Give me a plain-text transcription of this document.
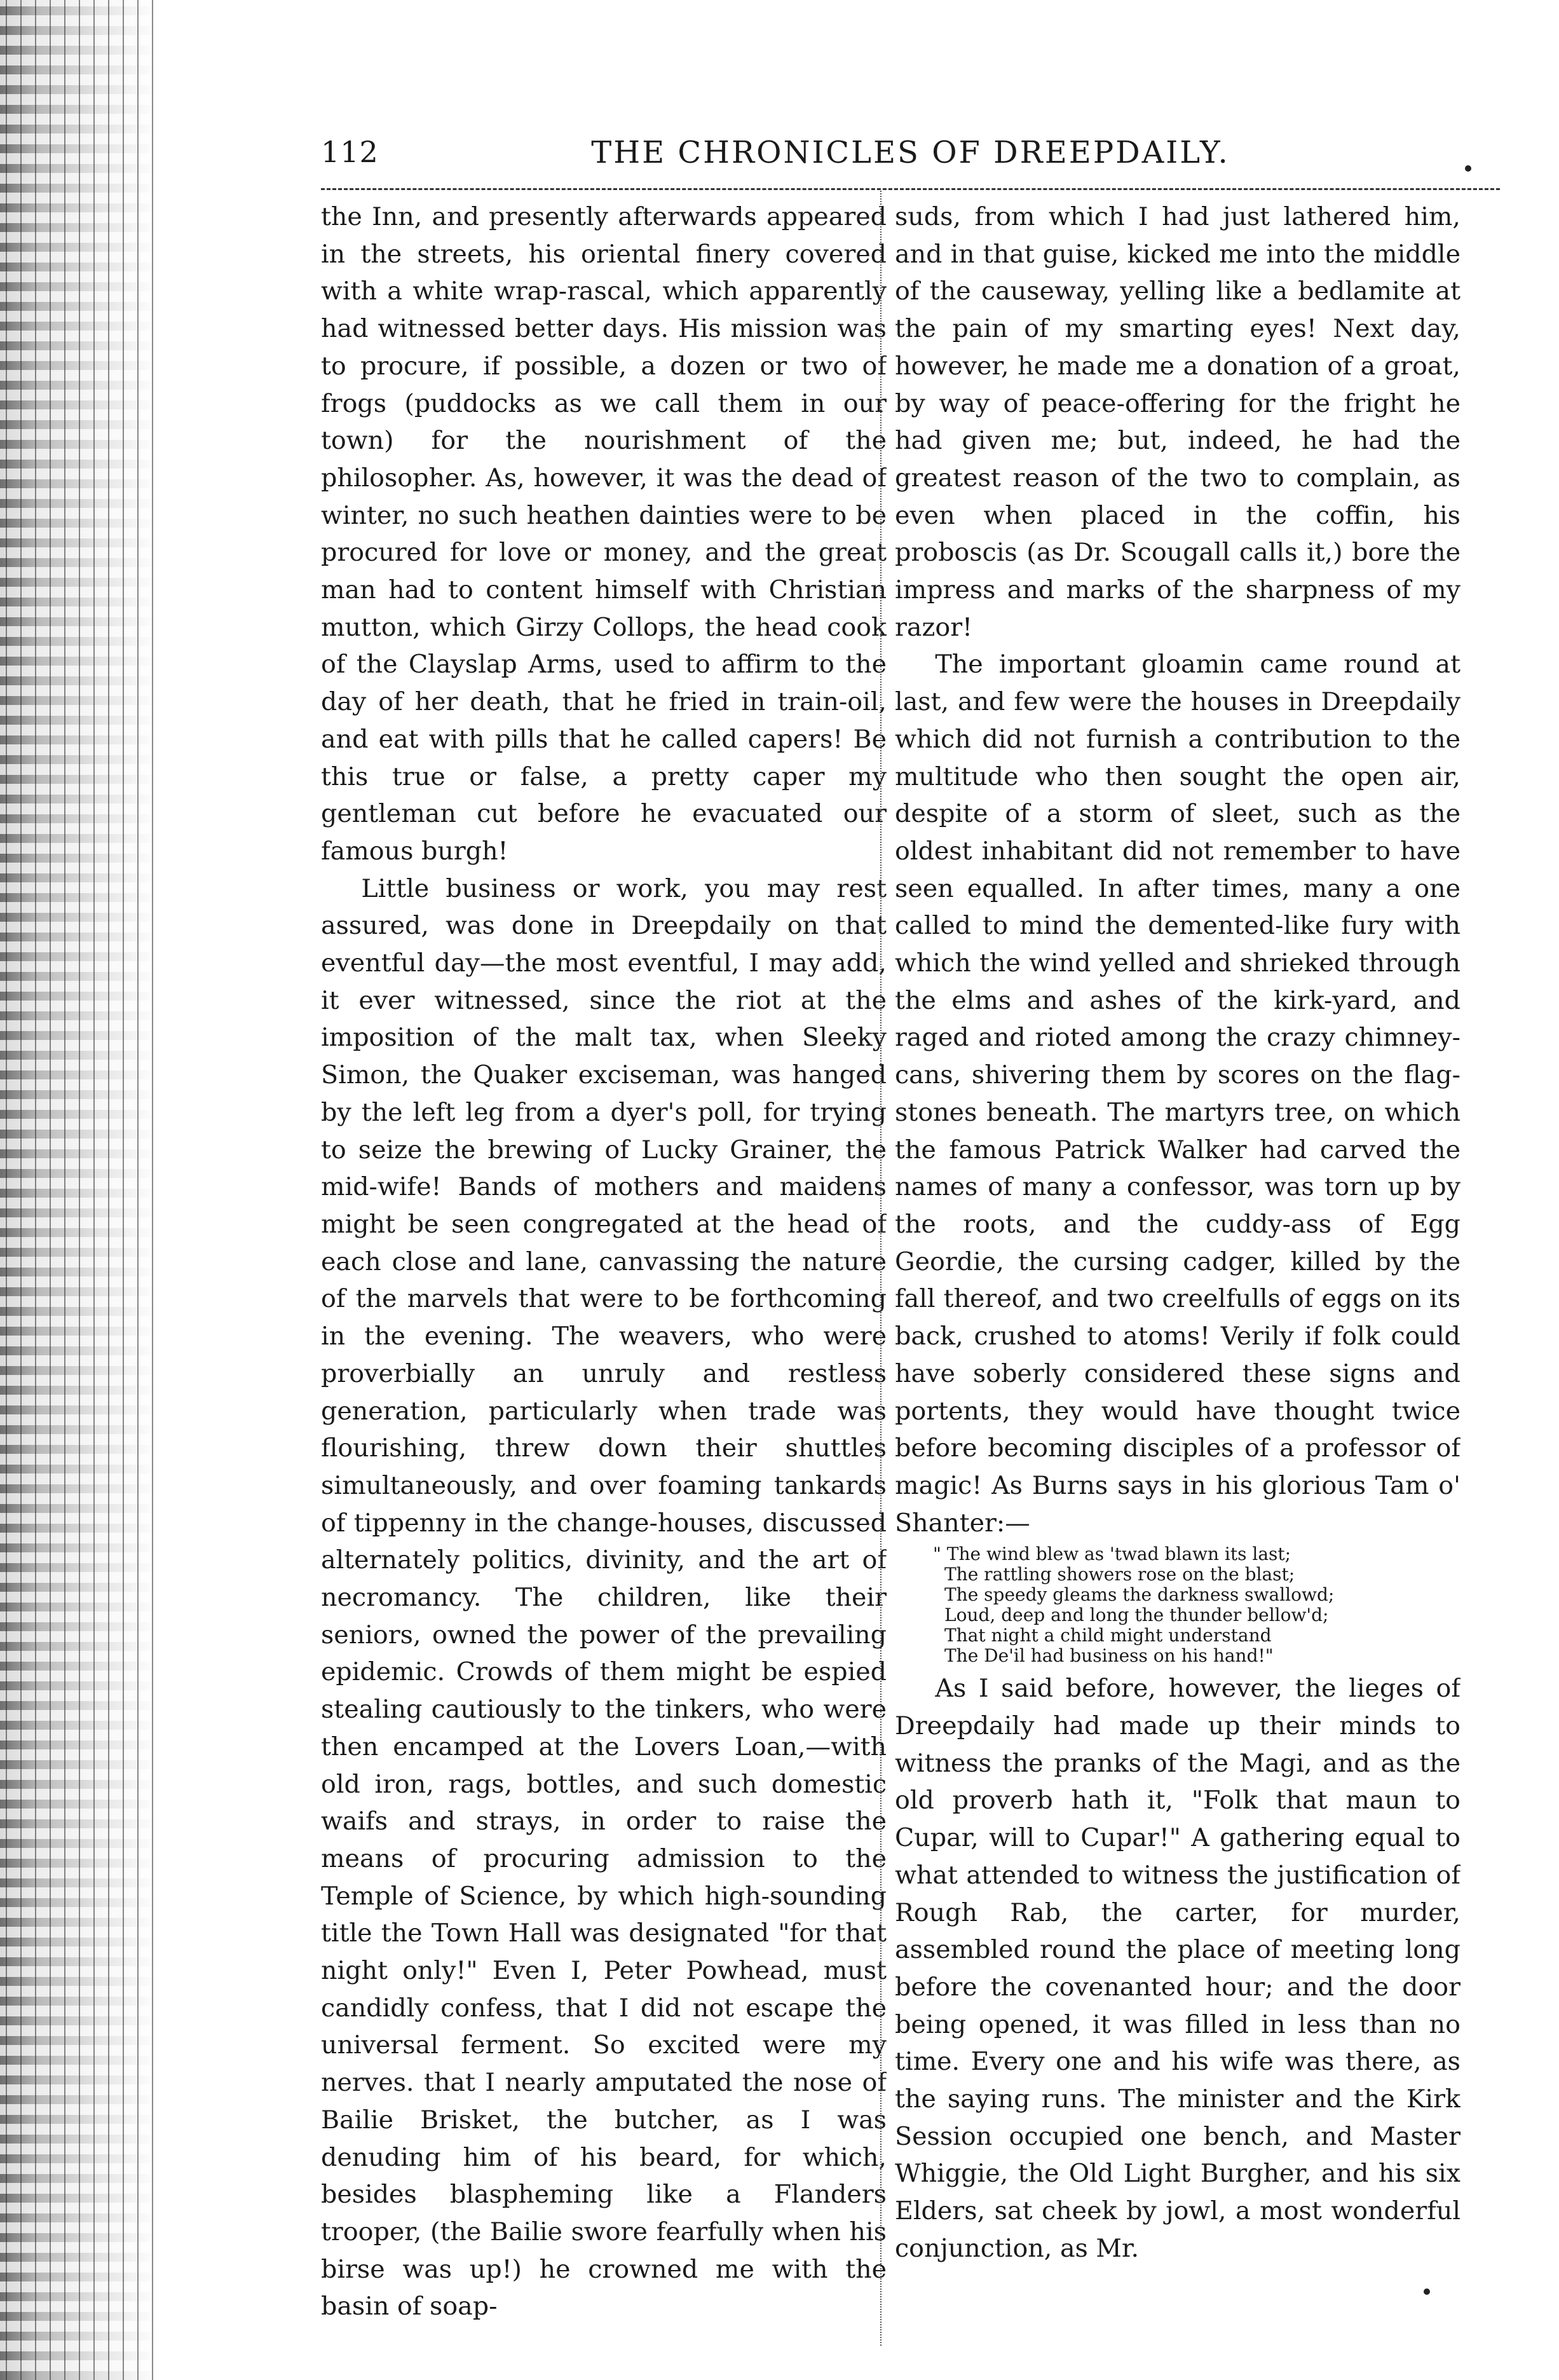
112	THE CHRONICLES OF DREEPDAILY.

the Inn, and presently afterwards appeared in the streets, his oriental finery covered with a white wrap-rascal, which apparently had witnessed better days. His mission was to procure, if possible, a dozen or two of frogs (puddocks as we call them in our town) for the nourishment of the philosopher. As, however, it was the dead of winter, no such heathen dainties were to be procured for love or money, and the great man had to content himself with Christian mutton, which Girzy Collops, the head cook of the Clayslap Arms, used to affirm to the day of her death, that he fried in train-oil, and eat with pills that he called capers! Be this true or false, a pretty caper my gentleman cut before he evacuated our famous burgh!

Little business or work, you may rest assured, was done in Dreepdaily on that eventful day—the most eventful, I may add, it ever witnessed, since the riot at the imposition of the malt tax, when Sleeky Simon, the Quaker exciseman, was hanged by the left leg from a dyer's poll, for trying to seize the brewing of Lucky Grainer, the mid-wife! Bands of mothers and maidens might be seen congregated at the head of each close and lane, canvassing the nature of the marvels that were to be forthcoming in the evening. The weavers, who were proverbially an unruly and restless generation, particularly when trade was flourishing, threw down their shuttles simultaneously, and over foaming tankards of tippenny in the change-houses, discussed alternately politics, divinity, and the art of necromancy. The children, like their seniors, owned the power of the prevailing epidemic. Crowds of them might be espied stealing cautiously to the tinkers, who were then encamped at the Lovers Loan,—with old iron, rags, bottles, and such domestic waifs and strays, in order to raise the means of procuring admission to the Temple of Science, by which high-sounding title the Town Hall was designated "for that night only!" Even I, Peter Powhead, must candidly confess, that I did not escape the universal ferment. So excited were my nerves. that I nearly amputated the nose of Bailie Brisket, the butcher, as I was denuding him of his beard, for which, besides blaspheming like a Flanders trooper, (the Bailie swore fearfully when his birse was up!) he crowned me with the basin of soap-

suds, from which I had just lathered him, and in that guise, kicked me into the middle of the causeway, yelling like a bedlamite at the pain of my smarting eyes! Next day, however, he made me a donation of a groat, by way of peace-offering for the fright he had given me; but, indeed, he had the greatest reason of the two to complain, as even when placed in the coffin, his proboscis (as Dr. Scougall calls it,) bore the impress and marks of the sharpness of my razor!

The important gloamin came round at last, and few were the houses in Dreepdaily which did not furnish a contribution to the multitude who then sought the open air, despite of a storm of sleet, such as the oldest inhabitant did not remember to have seen equalled. In after times, many a one called to mind the demented-like fury with which the wind yelled and shrieked through the elms and ashes of the kirk-yard, and raged and rioted among the crazy chimney-cans, shivering them by scores on the flag-stones beneath. The martyrs tree, on which the famous Patrick Walker had carved the names of many a confessor, was torn up by the roots, and the cuddy-ass of Egg Geordie, the cursing cadger, killed by the fall thereof, and two creelfulls of eggs on its back, crushed to atoms! Verily if folk could have soberly considered these signs and portents, they would have thought twice before becoming disciples of a professor of magic! As Burns says in his glorious Tam o' Shanter:—

" The wind blew as 'twad blawn its last;
The rattling showers rose on the blast;
The speedy gleams the darkness swallowd;
Loud, deep and long the thunder bellow'd;
That night a child might understand
The De'il had business on his hand!"

As I said before, however, the lieges of Dreepdaily had made up their minds to witness the pranks of the Magi, and as the old proverb hath it, "Folk that maun to Cupar, will to Cupar!" A gathering equal to what attended to witness the justification of Rough Rab, the carter, for murder, assembled round the place of meeting long before the covenanted hour; and the door being opened, it was filled in less than no time. Every one and his wife was there, as the saying runs. The minister and the Kirk Session occupied one bench, and Master Whiggie, the Old Light Burgher, and his six Elders, sat cheek by jowl, a most wonderful conjunction, as Mr.
